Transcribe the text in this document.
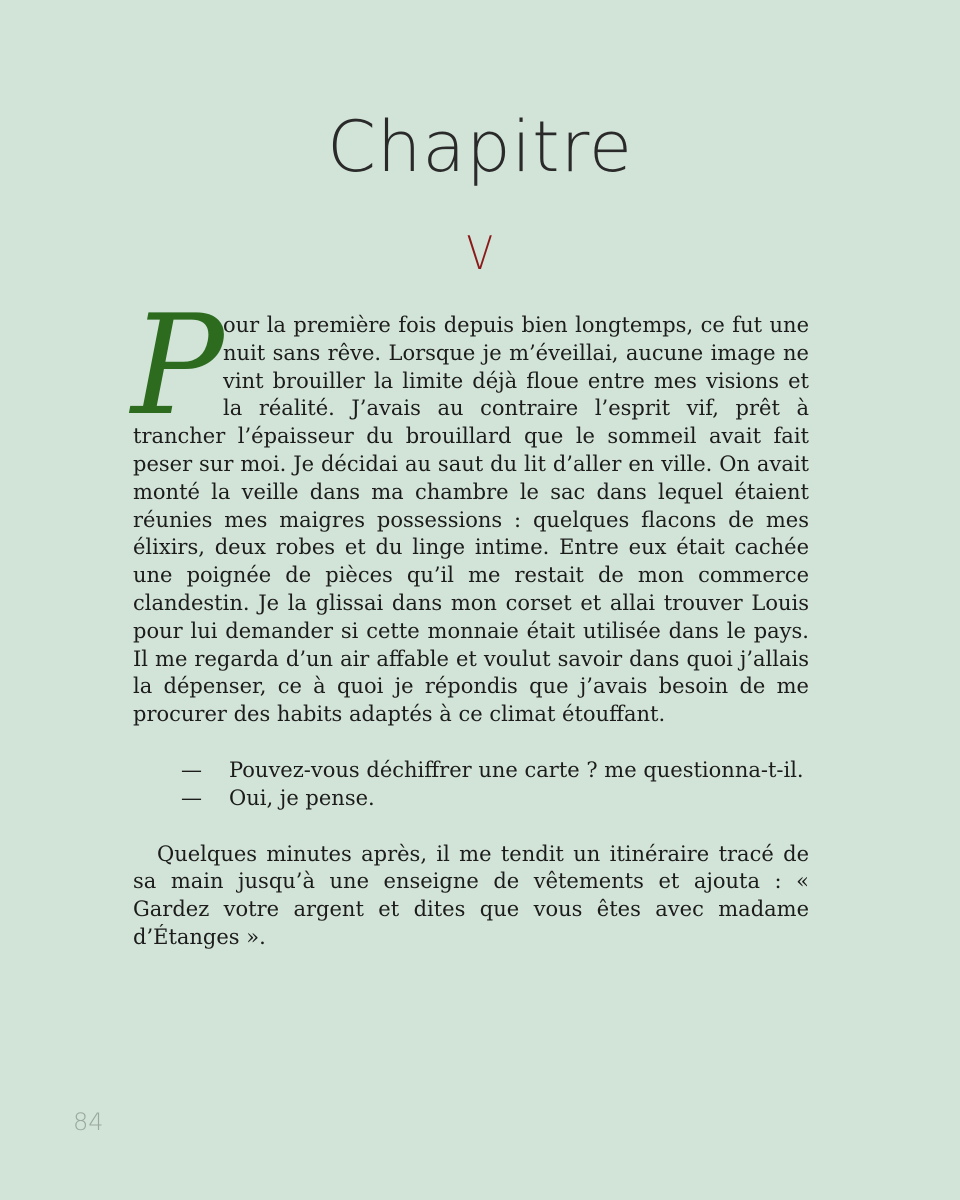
Chapitre
V

Pour la première fois depuis bien longtemps, ce fut une nuit sans rêve. Lorsque je m’éveillai, aucune image ne vint brouiller la limite déjà floue entre mes visions et la réalité. J’avais au contraire l’esprit vif, prêt à trancher l’épaisseur du brouillard que le sommeil avait fait peser sur moi. Je décidai au saut du lit d’aller en ville. On avait monté la veille dans ma chambre le sac dans lequel étaient réunies mes maigres possessions : quelques flacons de mes élixirs, deux robes et du linge intime. Entre eux était cachée une poignée de pièces qu’il me restait de mon commerce clandestin. Je la glissai dans mon corset et allai trouver Louis pour lui demander si cette monnaie était utilisée dans le pays. Il me regarda d’un air affable et voulut savoir dans quoi j’allais la dépenser, ce à quoi je répondis que j’avais besoin de me procurer des habits adaptés à ce climat étouffant.

— Pouvez-vous déchiffrer une carte ? me questionna-t-il.

— Oui, je pense.

Quelques minutes après, il me tendit un itinéraire tracé de sa main jusqu’à une enseigne de vêtements et ajouta : « Gardez votre argent et dites que vous êtes avec madame d’Étanges ».

84
